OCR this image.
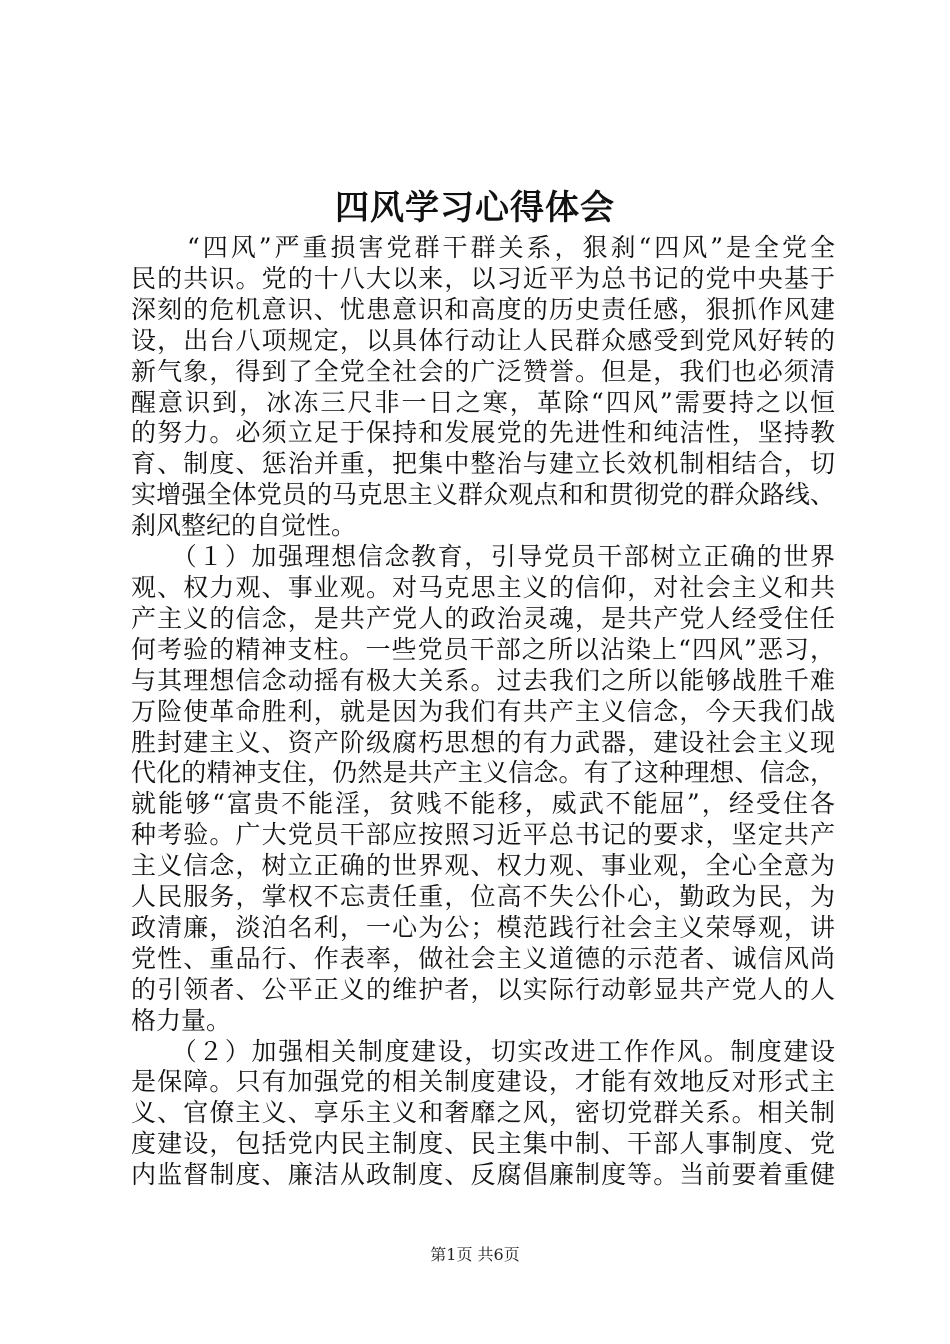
四风学习心得体会
　　“四风”严重损害党群干群关系，狠刹“四风”是全党全
民的共识。党的十八大以来，以习近平为总书记的党中央基于
深刻的危机意识、忧患意识和高度的历史责任感，狠抓作风建
设，出台八项规定，以具体行动让人民群众感受到党风好转的
新气象，得到了全党全社会的广泛赞誉。但是，我们也必须清
醒意识到，冰冻三尺非一日之寒，革除“四风”需要持之以恒
的努力。必须立足于保持和发展党的先进性和纯洁性，坚持教
育、制度、惩治并重，把集中整治与建立长效机制相结合，切
实增强全体党员的马克思主义群众观点和和贯彻党的群众路线、
刹风整纪的自觉性。
　　（１）加强理想信念教育，引导党员干部树立正确的世界
观、权力观、事业观。对马克思主义的信仰，对社会主义和共
产主义的信念，是共产党人的政治灵魂，是共产党人经受住任
何考验的精神支柱。一些党员干部之所以沾染上“四风”恶习，
与其理想信念动摇有极大关系。过去我们之所以能够战胜千难
万险使革命胜利，就是因为我们有共产主义信念，今天我们战
胜封建主义、资产阶级腐朽思想的有力武器，建设社会主义现
代化的精神支住，仍然是共产主义信念。有了这种理想、信念，
就能够“富贵不能淫，贫贱不能移，威武不能屈”，经受住各
种考验。广大党员干部应按照习近平总书记的要求，坚定共产
主义信念，树立正确的世界观、权力观、事业观，全心全意为
人民服务，掌权不忘责任重，位高不失公仆心，勤政为民，为
政清廉，淡泊名利，一心为公；模范践行社会主义荣辱观，讲
党性、重品行、作表率，做社会主义道德的示范者、诚信风尚
的引领者、公平正义的维护者，以实际行动彰显共产党人的人
格力量。
　　（２）加强相关制度建设，切实改进工作作风。制度建设
是保障。只有加强党的相关制度建设，才能有效地反对形式主
义、官僚主义、享乐主义和奢靡之风，密切党群关系。相关制
度建设，包括党内民主制度、民主集中制、干部人事制度、党
内监督制度、廉洁从政制度、反腐倡廉制度等。当前要着重健
第1页 共6页
